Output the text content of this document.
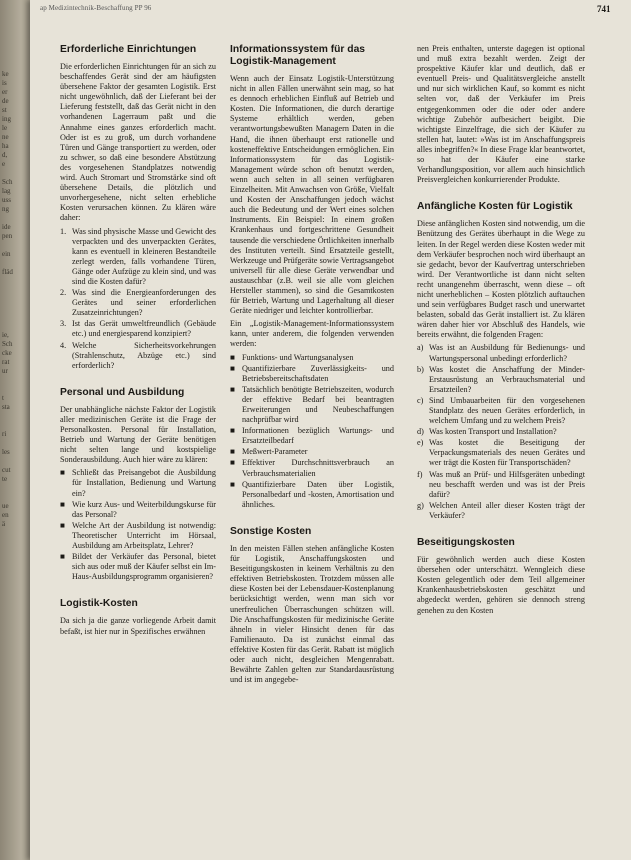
ke
is
er
de
st
ing
le
ne
ha
d,
e

Sch
lag
uss
ng

ide
pen

ein

fläd

ie,
Sch
cke
rat
ur

t
sta

ri

les

cut
te

ue
en
ä
ap Medizintechnik-Beschaffung PP 96	741
Erforderliche Einrichtungen

Die erforderlichen Einrichtungen für an sich zu beschaffendes Gerät sind der am häufigsten übersehene Faktor der gesamten Logistik. Erst nicht ungewöhnlich, daß der Lieferant bei der Lieferung feststellt, daß das Gerät nicht in den vorhandenen Lagerraum paßt und die Annahme eines ganzes erforderlich macht. Oder ist es zu groß, um durch vorhandene Türen und Gänge transportiert zu werden, oder zu schwer, so daß eine besondere Abstützung des vorgesehenen Standplatzes notwendig wird. Auch Stromart und Stromstärke sind oft übersehene Details, die plötzlich und unvorhergesehene, nicht selten erhebliche Kosten verursachen können. Zu klären wäre daher:

1. Was sind physische Masse und Gewicht des verpackten und des unverpackten Gerätes, kann es eventuell in kleineren Bestandteile zerlegt werden, falls vorhandene Türen, Gänge oder Aufzüge zu klein sind, und was sind die Kosten dafür?
2. Was sind die Energieanforderungen des Gerätes und seiner erforderlichen Zusatzeinrichtungen?
3. Ist das Gerät umweltfreundlich (Gebäude etc.) und energiesparend konzipiert?
4. Welche Sicherheitsvorkehrungen (Strahlenschutz, Abzüge etc.) sind erforderlich?
Personal und Ausbildung

Der unabhängliche nächste Faktor der Logistik aller medizinischen Geräte ist die Frage der Personalkosten. Personal für Installation, Betrieb und Wartung der Geräte benötigen nicht selten lange und kostspielige Sonderausbildung. Auch hier wäre zu klären:

■ Schließt das Preisangebot die Ausbildung für Installation, Bedienung und Wartung ein?
■ Wie kurz Aus- und Weiterbildungskurse für das Personal?
■ Welche Art der Ausbildung ist notwendig: Theoretischer Unterricht im Hörsaal, Ausbildung am Arbeitsplatz, Lehrer?
■ Bildet der Verkäufer das Personal, bietet sich aus oder muß der Käufer selbst ein Im-Haus-Ausbildungsprogramm organisieren?
Logistik-Kosten

Da sich ja die ganze vorliegende Arbeit damit befaßt, ist hier nur in Spezifisches erwähnen

Informationssystem für das Logistik-Management

Wenn auch der Einsatz Logistik-Unterstützung nicht in allen Fällen unerwähnt sein mag, so hat es dennoch erheblichen Einfluß auf Betrieb und Kosten. Die Informationen, die durch derartige Systeme erhältlich werden, geben verantwortungsbewußten Managern Daten in die Hand, die ihnen überhaupt erst rationelle und kosteneffektive Entscheidungen ermöglichen. Ein Informationssystem für das Logistik-Management würde schon oft benutzt werden, wenn auch selten in all seinen verfügbaren Einzelheiten. Mit Anwachsen von Größe, Vielfalt und Kosten der Anschaffungen jedoch wächst auch die Bedeutung und der Wert eines solchen Instruments. Ein Beispiel: In einem großen Krankenhaus und fortgeschrittene Gesundheit tausende die verschiedene Örtlichkeiten innerhalb des Instituten verteilt. Sind Ersatzteile gestellt, Werkzeuge und Prüfgeräte sowie Vertragsangebot universell für alle diese Geräte verwendbar und austauschbar (z.B. weil sie alle vom gleichen Hersteller stammen), so sind die Gesamtkosten für Betrieb, Wartung und Lagerhaltung all dieser Geräte niedriger und leichter kontrollierbar.

Ein „Logistik-Management-Informationssystem kann, unter anderem, die folgenden verwenden werden:

■ Funktions- und Wartungsanalysen
■ Quantifizierbare Zuverlässigkeits- und Betriebsbereitschaftsdaten
■ Tatsächlich benötigte Betriebszeiten, wodurch der effektive Bedarf bei beantragten Erweiterungen und Neubeschaffungen nachprüfbar wird
■ Informationen bezüglich Wartungs- und Ersatzteilbedarf
■ Meßwert-Parameter
■ Effektiver Durchschnittsverbrauch an Verbrauchsmaterialien
■ Quantifizierbare Daten über Logistik, Personalbedarf und -kosten, Amortisation und ähnliches.
Sonstige Kosten

In den meisten Fällen stehen anfängliche Kosten für Logistik, Anschaffungskosten und Beseitigungskosten in keinem Verhältnis zu den effektiven Betriebskosten. Trotzdem müssen alle diese Kosten bei der Lebensdauer-Kostenplanung berücksichtigt werden, wenn man sich vor unerfreulichen Überraschungen schützen will. Die Anschaffungskosten für medizinische Geräte ähneln in vieler Hinsicht denen für das Familienauto. Da ist zunächst einmal das effektive Kosten für das Gerät. Rabatt ist möglich oder auch nicht, desgleichen Mengenrabatt. Bewährte Zahlen gelten zur Standardausrüstung und ist im angegebe-

nen Preis enthalten, unterste dagegen ist optional und muß extra bezahlt werden. Zeigt der prospektive Käufer klar und deutlich, daß er eventuell Preis- und Qualitätsvergleiche anstellt und nur sich wirklichen Kauf, so kommt es nicht selten vor, daß der Verkäufer im Preis entgegenkommen oder die oder oder andere wichtige Zubehör aufbesichert beigibt. Die wichtigste Einzelfrage, die sich der Käufer zu stellen hat, lautet: »Was ist im Anschaffungspreis alles inbegriffen?« In diese Frage klar beantwortet, so hat der Käufer eine starke Verhandlungsposition, vor allem auch hinsichtlich Preisvergleichen konkurrierender Produkte.

Anfängliche Kosten für Logistik

Diese anfänglichen Kosten sind notwendig, um die Benützung des Gerätes überhaupt in die Wege zu leiten. In der Regel werden diese Kosten weder mit dem Verkäufer besprochen noch wird überhaupt an sie gedacht, bevor der Kaufvertrag unterschrieben wird. Der Verantwortliche ist dann nicht selten recht unangenehm überrascht, wenn diese – oft nicht unerheblichen – Kosten plötzlich auftauchen und sein verfügbares Budget rasch und unerwartet belasten, sobald das Gerät installiert ist. Zu klären wären daher hier vor Abschluß des Handels, wie bereits erwähnt, die folgenden Fragen:

a) Was ist an Ausbildung für Bedienungs- und Wartungspersonal unbedingt erforderlich?
b) Was kostet die Anschaffung der Minder-Erstausrüstung an Verbrauchsmaterial und Ersatzteilen?
c) Sind Umbauarbeiten für den vorgesehenen Standplatz des neuen Gerätes erforderlich, in welchem Umfang und zu welchem Preis?
d) Was kosten Transport und Installation?
e) Was kostet die Beseitigung der Verpackungsmaterials des neuen Gerätes und wer trägt die Kosten für Transportschäden?
f) Was muß an Prüf- und Hilfsgeräten unbedingt neu beschafft werden und was ist der Preis dafür?
g) Welchen Anteil aller dieser Kosten trägt der Verkäufer?
Beseitigungskosten

Für gewöhnlich werden auch diese Kosten übersehen oder unterschätzt. Wenngleich diese Kosten gelegentlich oder dem Teil allgemeiner Krankenhausbetriebskosten geschätzt und abgedeckt werden, gehören sie dennoch streng genehen zu den Kosten
